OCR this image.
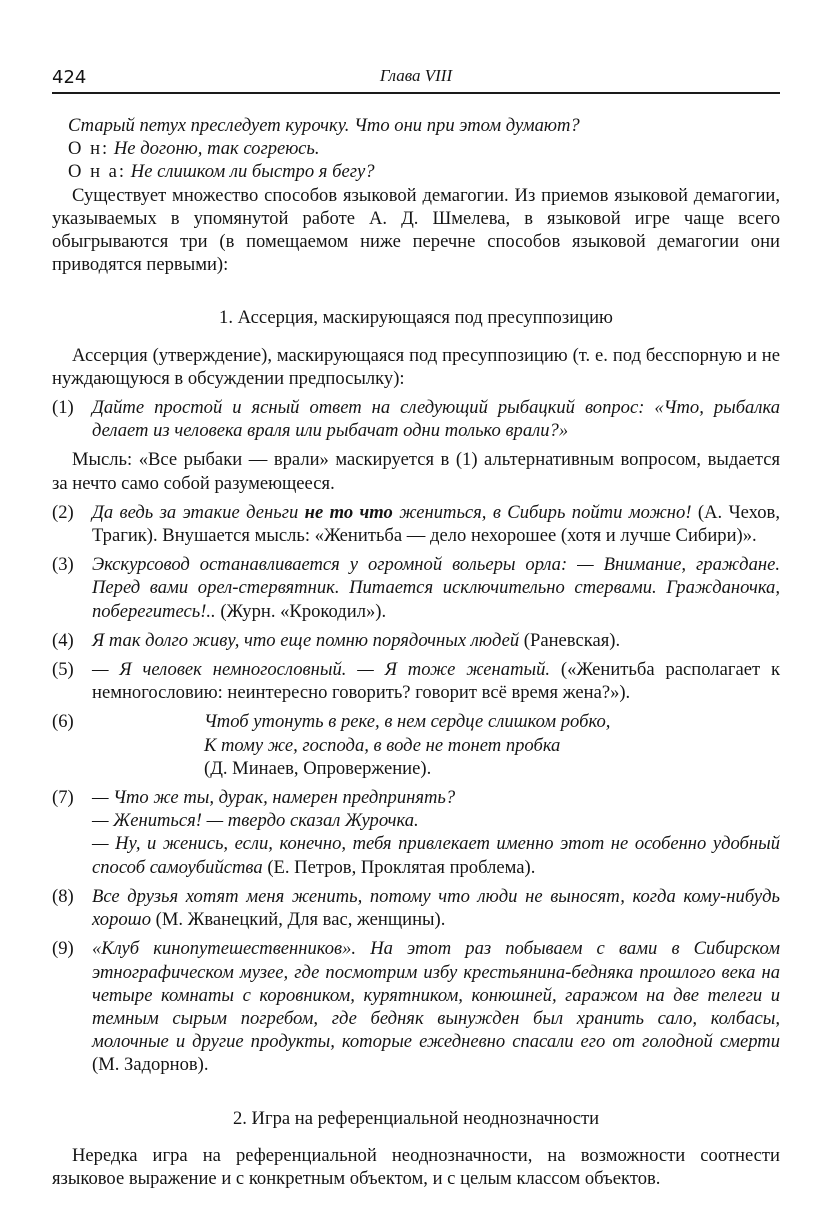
424	Глава VIII
Старый петух преследует курочку. Что они при этом думают?
О н: Не догоню, так согреюсь.
О н а: Не слишком ли быстро я бегу?

Существует множество способов языковой демагогии. Из приемов языковой демагогии, указываемых в упомянутой работе А. Д. Шмелева, в языковой игре чаще всего обыгрываются три (в помещаемом ниже перечне способов языковой демагогии они приводятся первыми):

1. Ассерция, маскирующаяся под пресуппозицию

Ассерция (утверждение), маскирующаяся под пресуппозицию (т. е. под бесспорную и не нуждающуюся в обсуждении предпосылку):

(1) Дайте простой и ясный ответ на следующий рыбацкий вопрос: «Что, рыбалка делает из человека враля или рыбачат одни только врали?»

Мысль: «Все рыбаки — врали» маскируется в (1) альтернативным вопросом, выдается за нечто само собой разумеющееся.

(2) Да ведь за этакие деньги не то что жениться, в Сибирь пойти можно! (А. Чехов, Трагик). Внушается мысль: «Женитьба — дело нехорошее (хотя и лучше Сибири)».
(3) Экскурсовод останавливается у огромной вольеры орла: — Внимание, граждане. Перед вами орел-стервятник. Питается исключительно стервами. Гражданочка, поберегитесь!.. (Журн. «Крокодил»).
(4) Я так долго живу, что еще помню порядочных людей (Раневская).
(5) — Я человек немногословный. — Я тоже женатый. («Женитьба располагает к немногословию: неинтересно говорить? говорит всё время жена?»).
(6)	Чтоб утонуть в реке, в нем сердце слишком робко,
К тому же, господа, в воде не тонет пробка
(Д. Минаев, Опровержение).
(7) — Что же ты, дурак, намерен предпринять?
— Жениться! — твердо сказал Журочка.
— Ну, и женись, если, конечно, тебя привлекает именно этот не особенно удобный способ самоубийства (Е. Петров, Проклятая проблема).
(8) Все друзья хотят меня женить, потому что люди не выносят, когда кому-нибудь хорошо (М. Жванецкий, Для вас, женщины).
(9) «Клуб кинопутешественников». На этот раз побываем с вами в Сибирском этнографическом музее, где посмотрим избу крестьянина-бедняка прошлого века на четыре комнаты с коровником, курятником, конюшней, гаражом на две телеги и темным сырым погребом, где бедняк вынужден был хранить сало, колбасы, молочные и другие продукты, которые ежедневно спасали его от голодной смерти (М. Задорнов).
2. Игра на референциальной неоднозначности

Нередка игра на референциальной неоднозначности, на возможности соотнести языковое выражение и с конкретным объектом, и с целым классом объектов.
